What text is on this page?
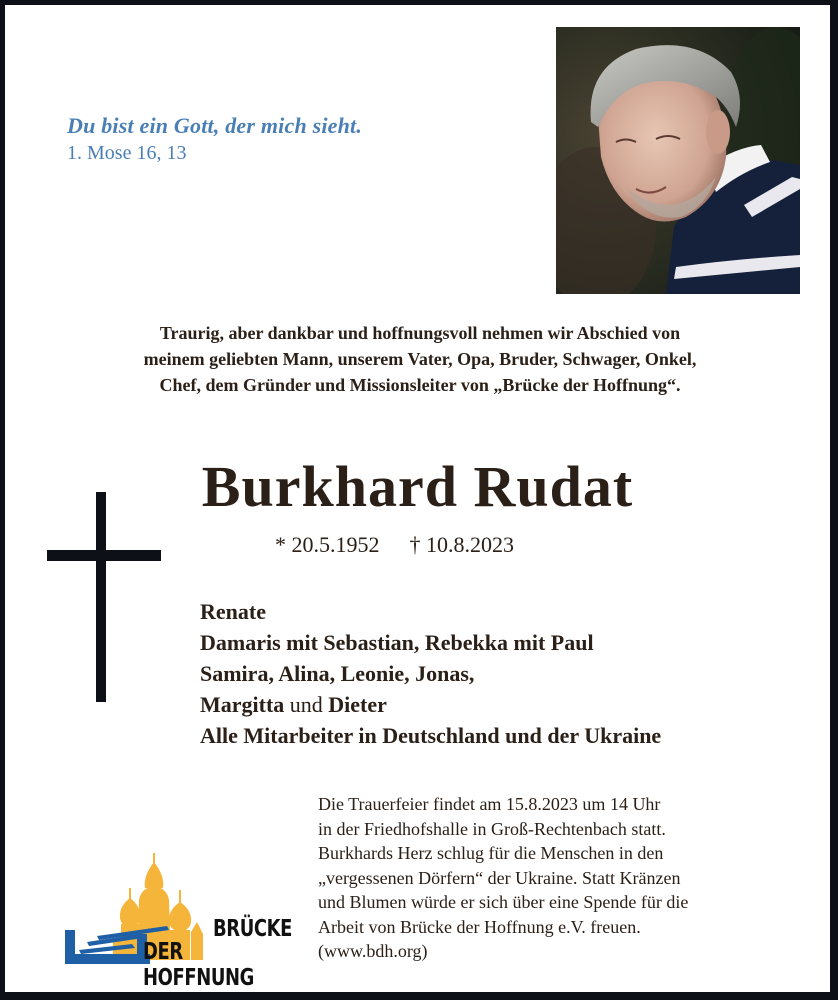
Du bist ein Gott, der mich sieht.
1. Mose 16, 13
Traurig, aber dankbar und hoffnungsvoll nehmen wir Abschied von
meinem geliebten Mann, unserem Vater, Opa, Bruder, Schwager, Onkel,
Chef, dem Gründer und Missionsleiter von „Brücke der Hoffnung“.
Burkhard Rudat
* 20.5.1952 † 10.8.2023
Renate
Damaris mit Sebastian, Rebekka mit Paul
Samira, Alina, Leonie, Jonas,
Margitta und Dieter
Alle Mitarbeiter in Deutschland und der Ukraine
Die Trauerfeier findet am 15.8.2023 um 14 Uhr
in der Friedhofshalle in Groß-Rechtenbach statt.
Burkhards Herz schlug für die Menschen in den
„vergessenen Dörfern“ der Ukraine. Statt Kränzen
und Blumen würde er sich über eine Spende für die
Arbeit von Brücke der Hoffnung e.V. freuen.
(www.bdh.org)
BRÜCKE
DER HOFFNUNG
